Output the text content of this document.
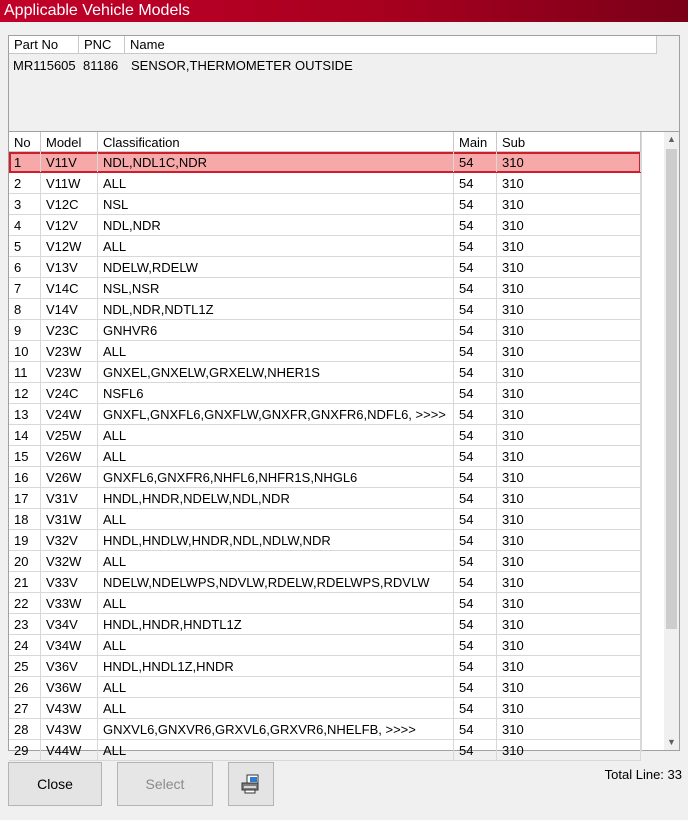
Applicable Vehicle Models
Part No	PNC	Name
MR115605 81186 SENSOR,THERMOMETER OUTSIDE
No	Model	Classification	Main	Sub
1	V11V	NDL,NDL1C,NDR	54	310
2	V11W	ALL	54	310
3	V12C	NSL	54	310
4	V12V	NDL,NDR	54	310
5	V12W	ALL	54	310
6	V13V	NDELW,RDELW	54	310
7	V14C	NSL,NSR	54	310
8	V14V	NDL,NDR,NDTL1Z	54	310
9	V23C	GNHVR6	54	310
10	V23W	ALL	54	310
11	V23W	GNXEL,GNXELW,GRXELW,NHER1S	54	310
12	V24C	NSFL6	54	310
13	V24W	GNXFL,GNXFL6,GNXFLW,GNXFR,GNXFR6,NDFL6, >>>>	54	310
14	V25W	ALL	54	310
15	V26W	ALL	54	310
16	V26W	GNXFL6,GNXFR6,NHFL6,NHFR1S,NHGL6	54	310
17	V31V	HNDL,HNDR,NDELW,NDL,NDR	54	310
18	V31W	ALL	54	310
19	V32V	HNDL,HNDLW,HNDR,NDL,NDLW,NDR	54	310
20	V32W	ALL	54	310
21	V33V	NDELW,NDELWPS,NDVLW,RDELW,RDELWPS,RDVLW	54	310
22	V33W	ALL	54	310
23	V34V	HNDL,HNDR,HNDTL1Z	54	310
24	V34W	ALL	54	310
25	V36V	HNDL,HNDL1Z,HNDR	54	310
26	V36W	ALL	54	310
27	V43W	ALL	54	310
28	V43W	GNXVL6,GNXVR6,GRXVL6,GRXVR6,NHELFB, >>>>	54	310
29	V44W	ALL	54	310
▲
▼
Close	Select
Total Line: 33
